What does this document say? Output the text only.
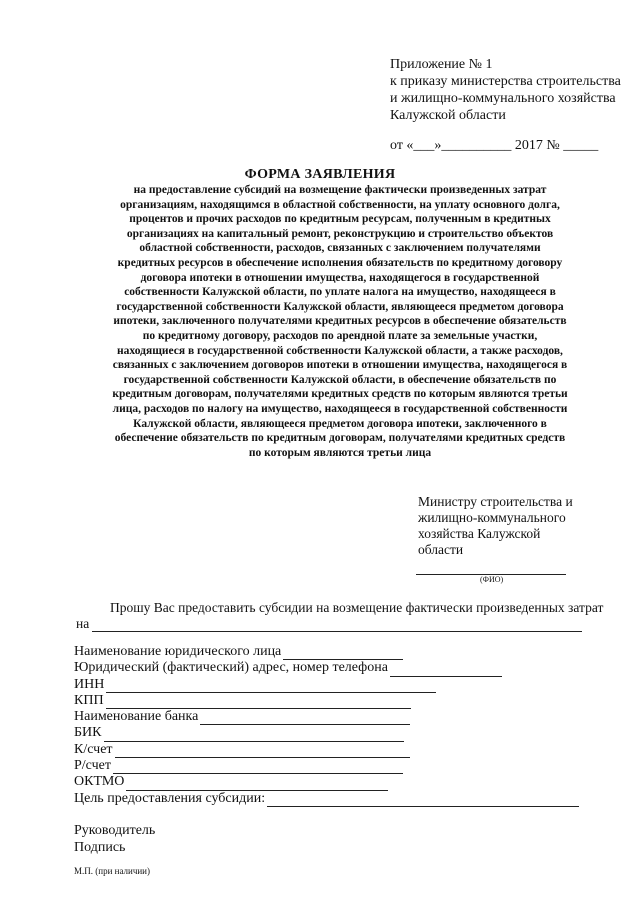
Приложение № 1
к приказу министерства строительства
и жилищно-коммунального хозяйства
Калужской области
от «___»__________ 2017 № _____
ФОРМА ЗАЯВЛЕНИЯ
на предоставление субсидий на возмещение фактически произведенных затрат
организациям, находящимся в областной собственности, на уплату основного долга,
процентов и прочих расходов по кредитным ресурсам, полученным в кредитных
организациях на капитальный ремонт, реконструкцию и строительство объектов
областной собственности, расходов, связанных с заключением получателями
кредитных ресурсов в обеспечение исполнения обязательств по кредитному договору
договора ипотеки в отношении имущества, находящегося в государственной
собственности Калужской области, по уплате налога на имущество, находящееся в
государственной собственности Калужской области, являющееся предметом договора
ипотеки, заключенного получателями кредитных ресурсов в обеспечение обязательств
по кредитному договору, расходов по арендной плате за земельные участки,
находящиеся в государственной собственности Калужской области, а также расходов,
связанных с заключением договоров ипотеки в отношении имущества, находящегося в
государственной собственности Калужской области, в обеспечение обязательств по
кредитным договорам, получателями кредитных средств по которым являются третьи
лица, расходов по налогу на имущество, находящееся в государственной собственности
Калужской области, являющееся предметом договора ипотеки, заключенного в
обеспечение обязательств по кредитным договорам, получателями кредитных средств
по которым являются третьи лица
Министру строительства и
жилищно-коммунального
хозяйства Калужской
области
(ФИО)
Прошу Вас предоставить субсидии на возмещение фактически произведенных затрат
на
Наименование юридического лица
Юридический (фактический) адрес, номер телефона
ИНН
КПП
Наименование банка
БИК
К/счет
Р/счет
ОКТМО
Цель предоставления субсидии:
Руководитель
Подпись
М.П. (при наличии)
